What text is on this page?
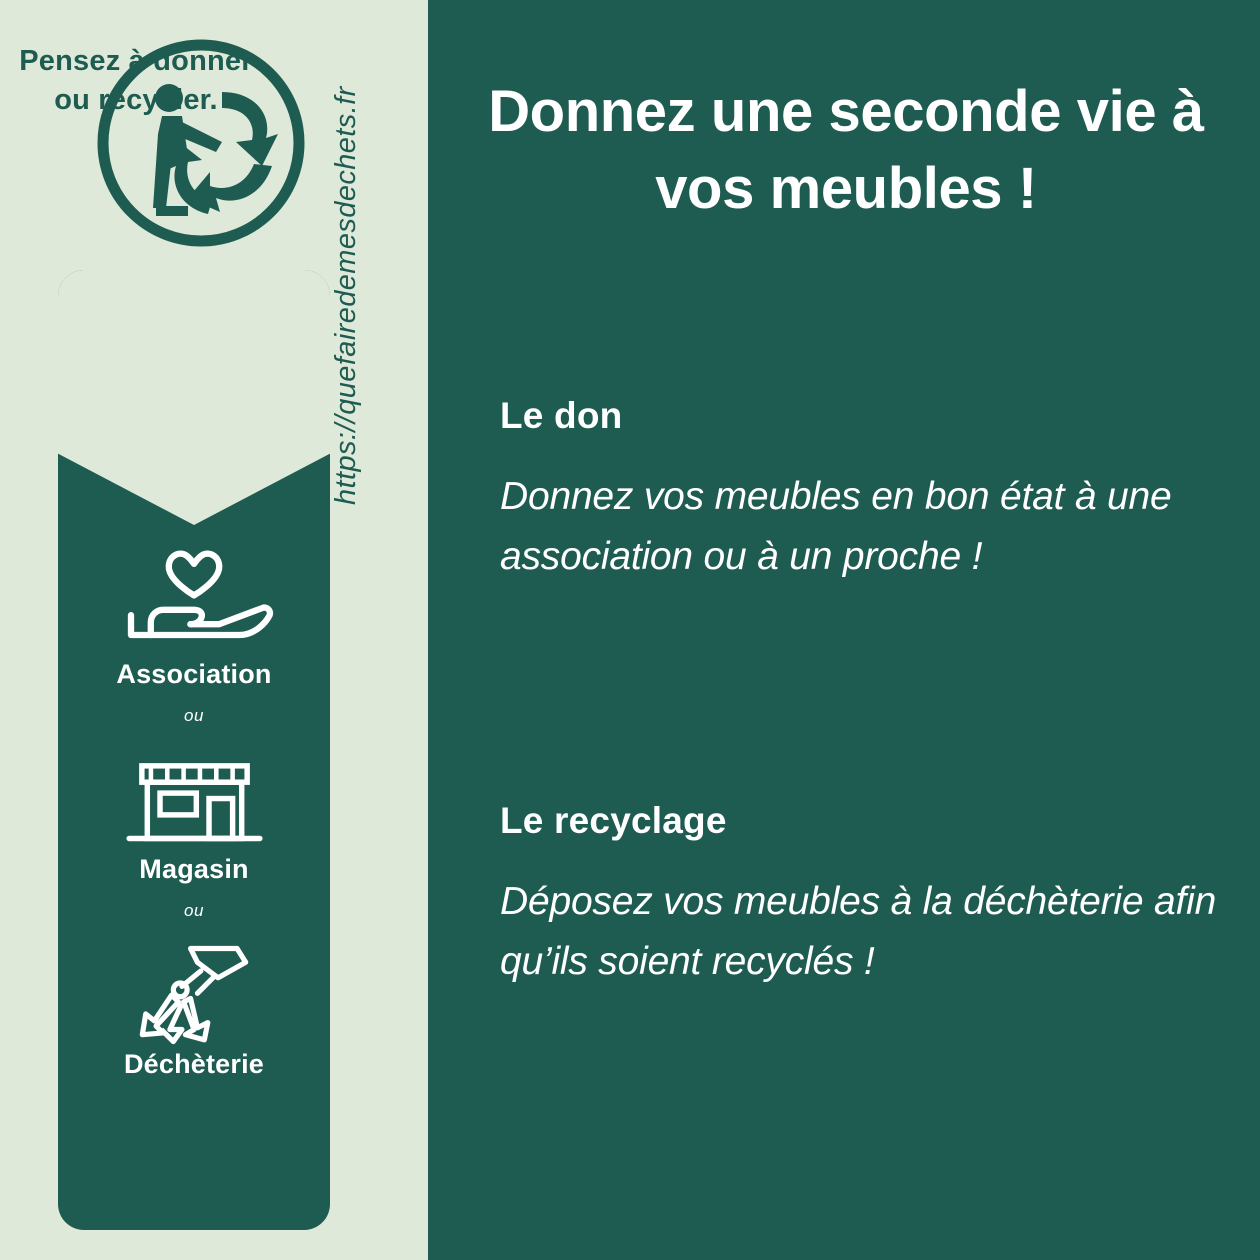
Pensez à donner ou recycler.
Association
ou
Magasin
ou
Déchèterie
https://quefairedemesdechets.fr	Donnez une seconde vie à vos meubles !
Le don
Donnez vos meubles en bon état à une association ou à un proche !
Le recyclage
Déposez vos meubles à la déchèterie afin qu’ils soient recyclés !
